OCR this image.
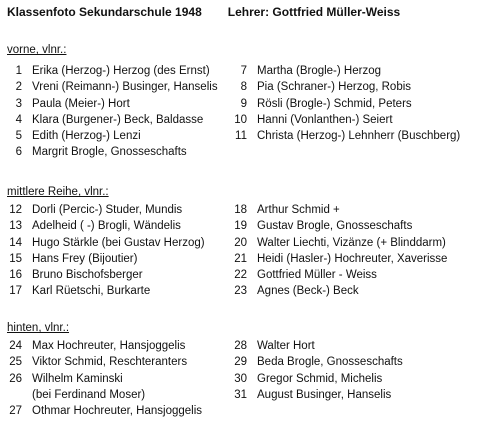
Klassenfoto Sekundarschule 1948 Lehrer: Gottfried Müller-Weiss
vorne, vlnr.:
1 Erika (Herzog-) Herzog (des Ernst)
2 Vreni (Reimann-) Businger, Hanselis
3 Paula (Meier-) Hort
4 Klara (Burgener-) Beck, Baldasse
5 Edith (Herzog-) Lenzi
6 Margrit Brogle, Gnosseschafts
7 Martha (Brogle-) Herzog
8 Pia (Schraner-) Herzog, Robis
9 Rösli (Brogle-) Schmid, Peters
10 Hanni (Vonlanthen-) Seiert
11 Christa (Herzog-) Lehnherr (Buschberg)
mittlere Reihe, vlnr.:
12 Dorli (Percic-) Studer, Mundis
13 Adelheid ( -) Brogli, Wändelis
14 Hugo Stärkle (bei Gustav Herzog)
15 Hans Frey (Bijoutier)
16 Bruno Bischofsberger
17 Karl Rüetschi, Burkarte
18 Arthur Schmid +
19 Gustav Brogle, Gnosseschafts
20 Walter Liechti, Vizänze (+ Blinddarm)
21 Heidi (Hasler-) Hochreuter, Xaverisse
22 Gottfried Müller - Weiss
23 Agnes (Beck-) Beck
hinten, vlnr.:
24 Max Hochreuter, Hansjoggelis
25 Viktor Schmid, Reschteranters
26 Wilhelm Kaminski
(bei Ferdinand Moser)
27 Othmar Hochreuter, Hansjoggelis
28 Walter Hort
29 Beda Brogle, Gnosseschafts
30 Gregor Schmid, Michelis
31 August Businger, Hanselis
